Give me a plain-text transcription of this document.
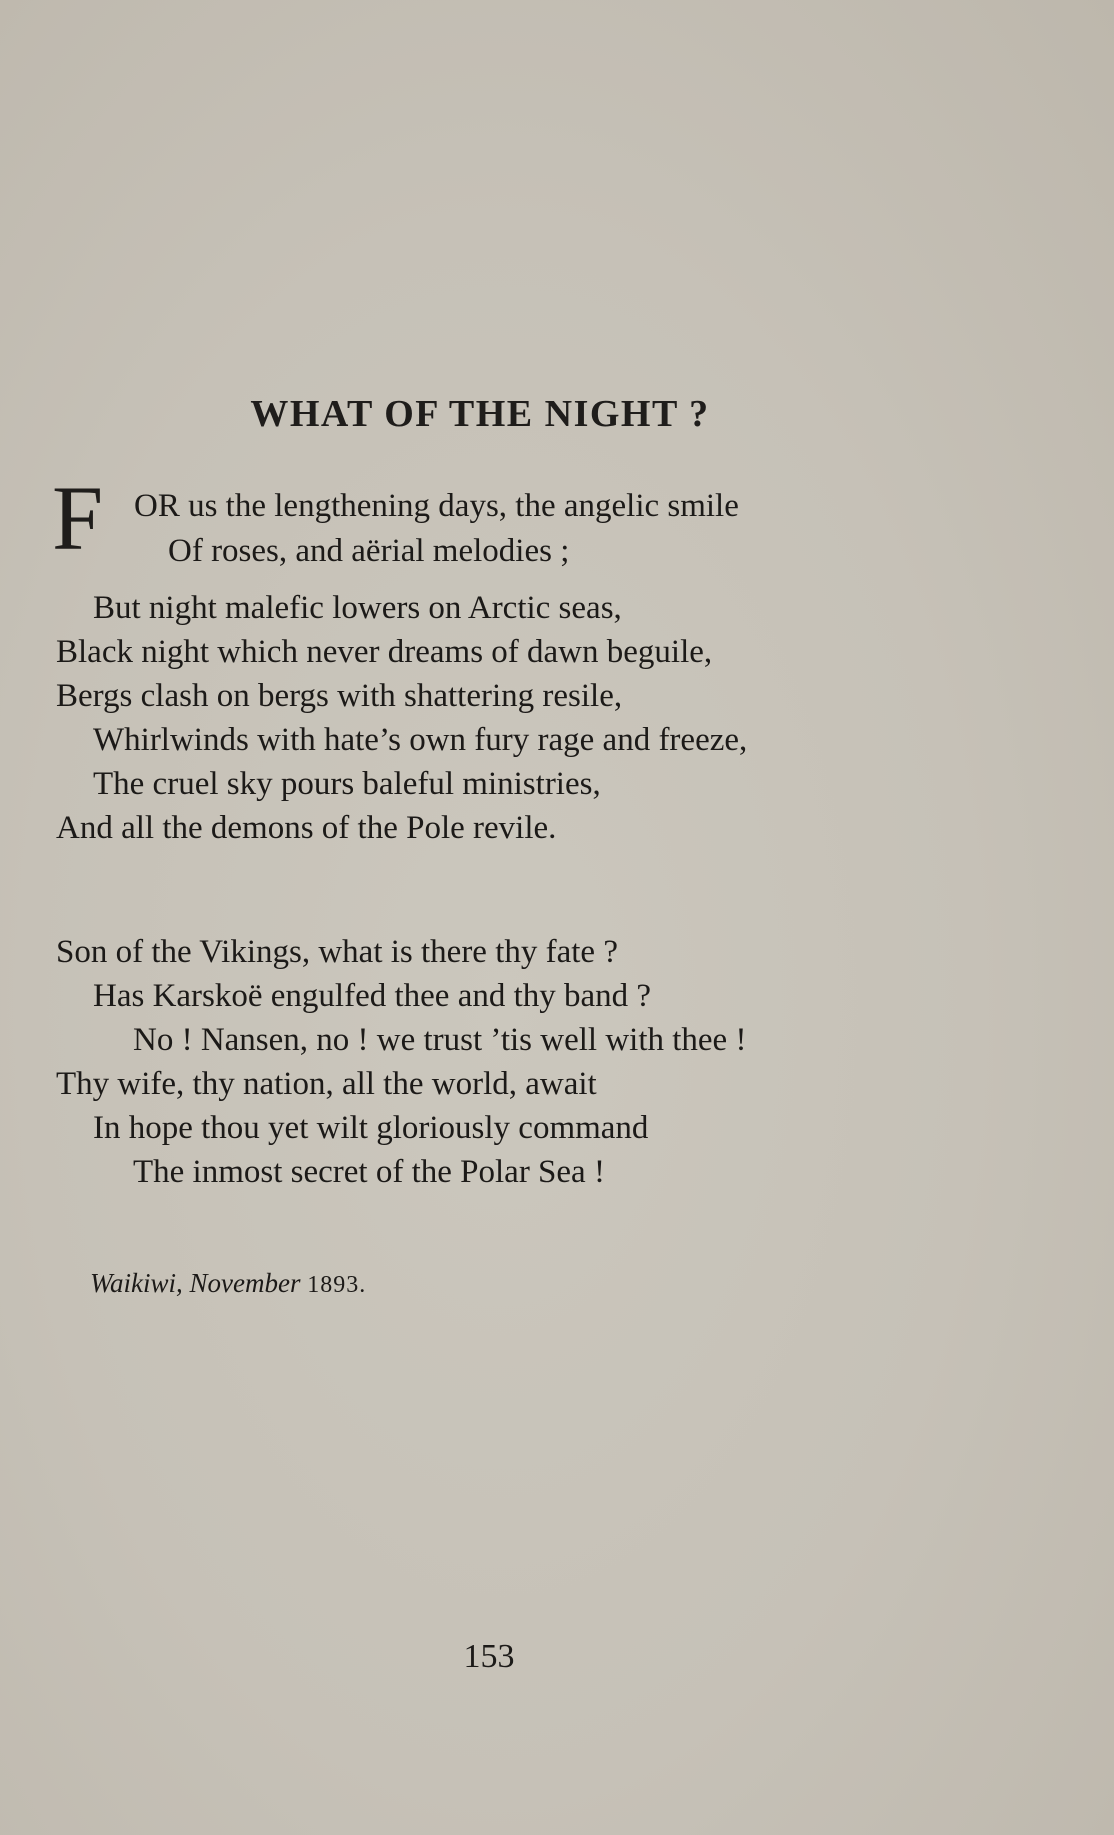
WHAT OF THE NIGHT ?
F OR us the lengthening days, the angelic smile
Of roses, and aërial melodies ;
But night malefic lowers on Arctic seas,
Black night which never dreams of dawn beguile,
Bergs clash on bergs with shattering resile,
Whirlwinds with hate’s own fury rage and freeze,
The cruel sky pours baleful ministries,
And all the demons of the Pole revile.
Son of the Vikings, what is there thy fate ?
Has Karskoë engulfed thee and thy band ?
No ! Nansen, no ! we trust ’tis well with thee !
Thy wife, thy nation, all the world, await
In hope thou yet wilt gloriously command
The inmost secret of the Polar Sea !
Waikiwi, November 1893.
153
